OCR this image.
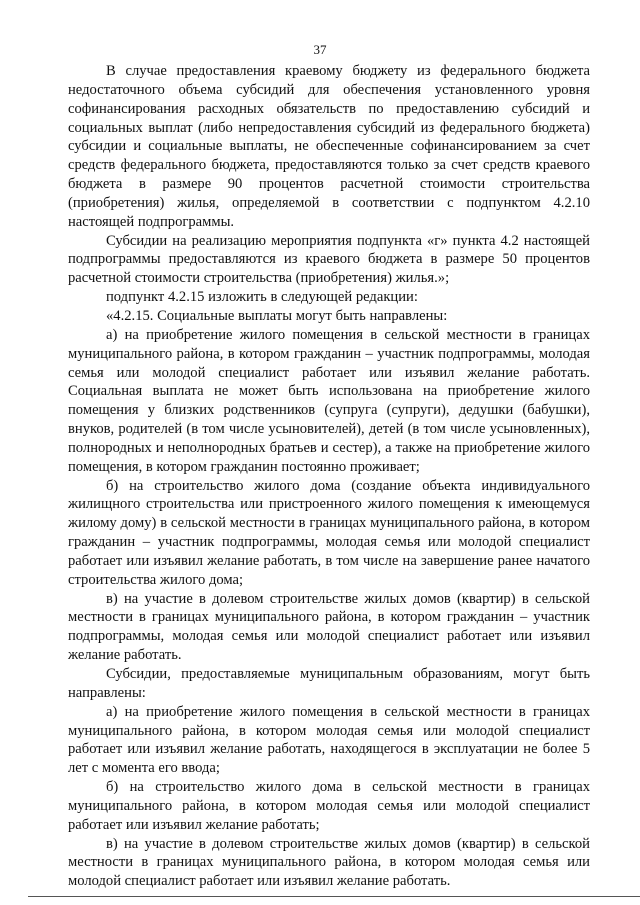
37

В случае предоставления краевому бюджету из федерального бюджета недостаточного объема субсидий для обеспечения установленного уровня софинансирования расходных обязательств по предоставлению субсидий и социальных выплат (либо непредоставления субсидий из федерального бюджета) субсидии и социальные выплаты, не обеспеченные софинансированием за счет средств федерального бюджета, предоставляются только за счет средств краевого бюджета в размере 90 процентов расчетной стоимости строительства (приобретения) жилья, определяемой в соответствии с подпунктом 4.2.10 настоящей подпрограммы.

Субсидии на реализацию мероприятия подпункта «г» пункта 4.2 настоящей подпрограммы предоставляются из краевого бюджета в размере 50 процентов расчетной стоимости строительства (приобретения) жилья.»;

подпункт 4.2.15 изложить в следующей редакции:

«4.2.15. Социальные выплаты могут быть направлены:

а) на приобретение жилого помещения в сельской местности в границах муниципального района, в котором гражданин – участник подпрограммы, молодая семья или молодой специалист работает или изъявил желание работать. Социальная выплата не может быть использована на приобретение жилого помещения у близких родственников (супруга (супруги), дедушки (бабушки), внуков, родителей (в том числе усыновителей), детей (в том числе усыновленных), полнородных и неполнородных братьев и сестер), а также на приобретение жилого помещения, в котором гражданин постоянно проживает;

б) на строительство жилого дома (создание объекта индивидуального жилищного строительства или пристроенного жилого помещения к имеющемуся жилому дому) в сельской местности в границах муниципального района, в котором гражданин – участник подпрограммы, молодая семья или молодой специалист работает или изъявил желание работать, в том числе на завершение ранее начатого строительства жилого дома;

в) на участие в долевом строительстве жилых домов (квартир) в сельской местности в границах муниципального района, в котором гражданин – участник подпрограммы, молодая семья или молодой специалист работает или изъявил желание работать.

Субсидии, предоставляемые муниципальным образованиям, могут быть направлены:

а) на приобретение жилого помещения в сельской местности в границах муниципального района, в котором молодая семья или молодой специалист работает или изъявил желание работать, находящегося в эксплуатации не более 5 лет с момента его ввода;

б) на строительство жилого дома в сельской местности в границах муниципального района, в котором молодая семья или молодой специалист работает или изъявил желание работать;

в) на участие в долевом строительстве жилых домов (квартир) в сельской местности в границах муниципального района, в котором молодая семья или молодой специалист работает или изъявил желание работать.
